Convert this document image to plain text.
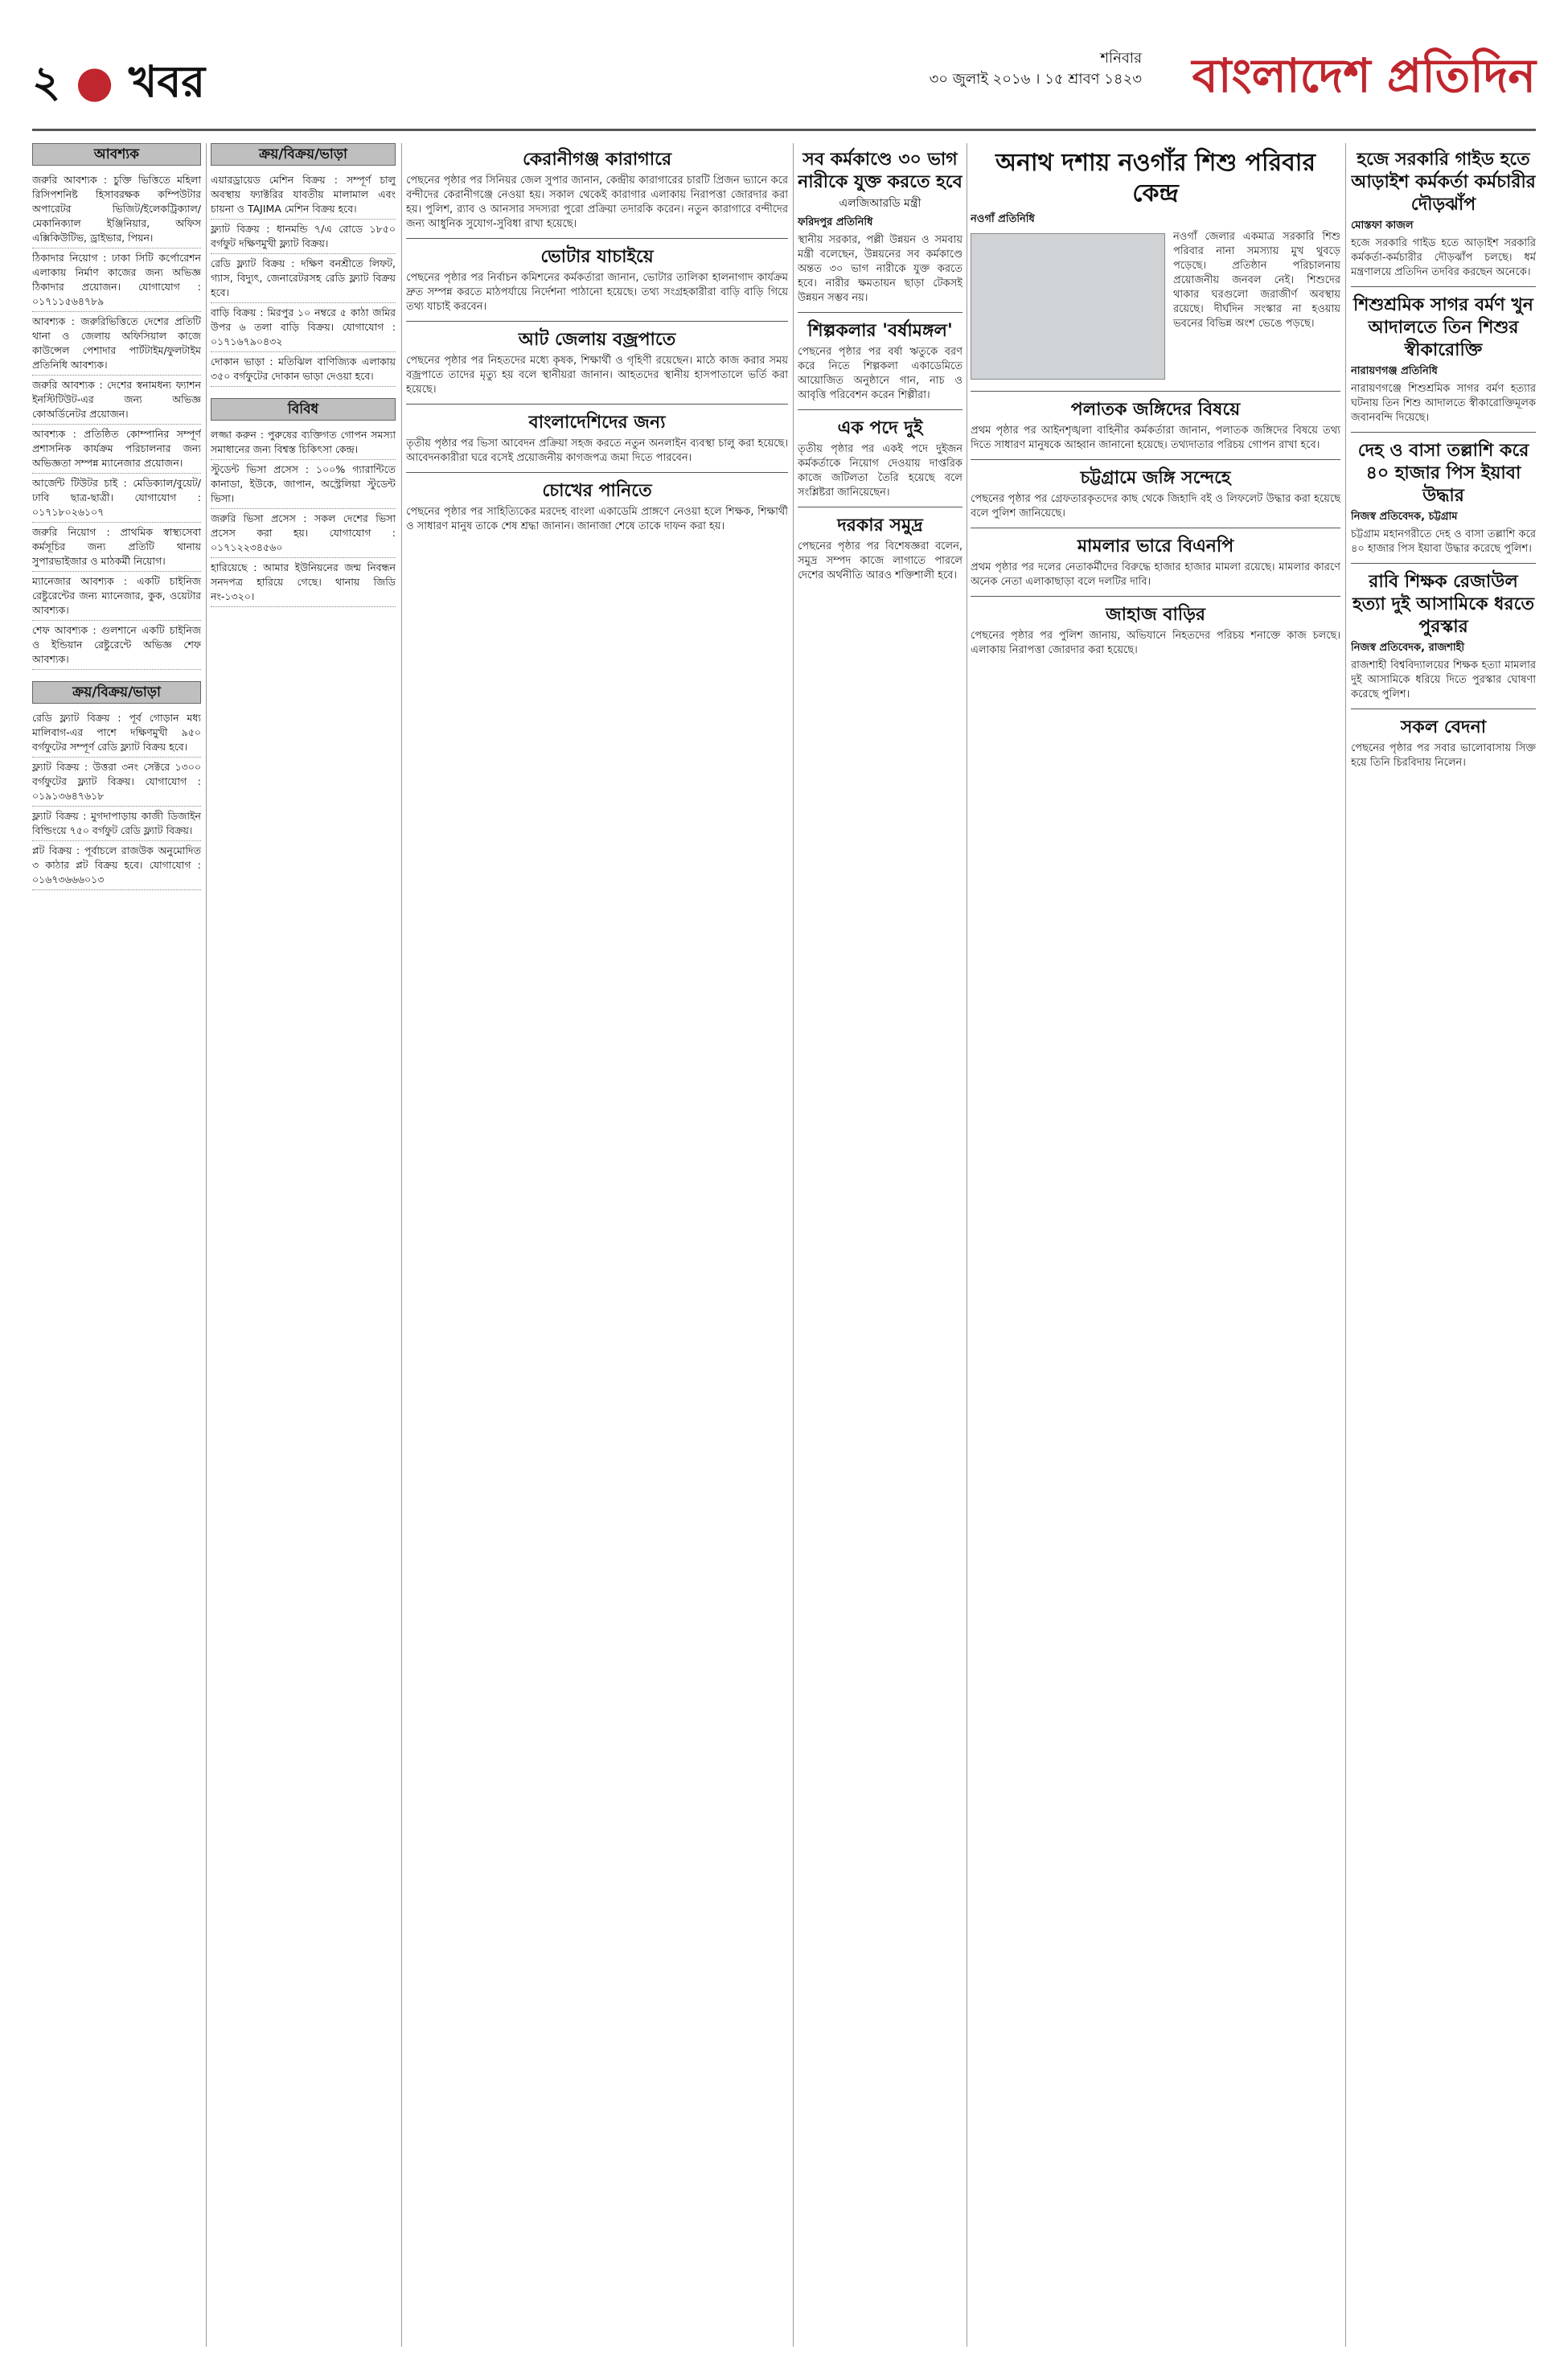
২ ● খবর	শনিবার
৩০ জুলাই ২০১৬ । ১৫ শ্রাবণ ১৪২৩ বাংলাদেশ প্রতিদিন
আবশ্যক

জরুরি আবশ্যক : চুক্তি ভিত্তিতে মহিলা রিসিপশনিষ্ট হিসাবরক্ষক কম্পিউটার অপারেটর ভিজিট/ইলেকট্রিক্যাল/মেকানিক্যাল ইঞ্জিনিয়ার, অফিস এক্সিকিউটিভ, ড্রাইভার, পিয়ন।

ঠিকাদার নিয়োগ : ঢাকা সিটি কর্পোরেশন এলাকায় নির্মাণ কাজের জন্য অভিজ্ঞ ঠিকাদার প্রয়োজন। যোগাযোগ : ০১৭১১৫৬৪৭৮৯

আবশ্যক : জরুরিভিত্তিতে দেশের প্রতিটি থানা ও জেলায় অফিসিয়াল কাজে কাউন্সেল পেশাদার পার্টটাইম/ফুলটাইম প্রতিনিধি আবশ্যক।

জরুরি আবশ্যক : দেশের স্বনামধন্য ফ্যাশন ইনস্টিটিউট-এর জন্য অভিজ্ঞ কোঅর্ডিনেটর প্রয়োজন।

আবশ্যক : প্রতিষ্ঠিত কোম্পানির সম্পূর্ণ প্রশাসনিক কার্যক্রম পরিচালনার জন্য অভিজ্ঞতা সম্পন্ন ম্যানেজার প্রয়োজন।

আর্জেন্ট টিউটর চাই : মেডিক্যাল/বুয়েট/ঢাবি ছাত্র-ছাত্রী। যোগাযোগ : ০১৭১৮০২৬১০৭

জরুরি নিয়োগ : প্রাথমিক স্বাস্থ্যসেবা কর্মসূচির জন্য প্রতিটি থানায় সুপারভাইজার ও মাঠকর্মী নিয়োগ।

ম্যানেজার আবশ্যক : একটি চাইনিজ রেষ্টুরেন্টের জন্য ম্যানেজার, কুক, ওয়েটার আবশ্যক।

শেফ আবশ্যক : গুলশানে একটি চাইনিজ ও ইন্ডিয়ান রেষ্টুরেন্টে অভিজ্ঞ শেফ আবশ্যক।

ক্রয়/বিক্রয়/ভাড়া

রেডি ফ্ল্যাট বিক্রয় : পূর্ব গোড়ান মধ্য মালিবাগ-এর পাশে দক্ষিণমুখী ৯৫০ বর্গফুটের সম্পূর্ণ রেডি ফ্ল্যাট বিক্রয় হবে।

ফ্ল্যাট বিক্রয় : উত্তরা ৩নং সেক্টরে ১৩০০ বর্গফুটের ফ্ল্যাট বিক্রয়। যোগাযোগ : ০১৯১৩৬৪৭৬১৮

ফ্ল্যাট বিক্রয় : মুগদাপাড়ায় কাজী ডিজাইন বিল্ডিংয়ে ৭৫০ বর্গফুট রেডি ফ্ল্যাট বিক্রয়।

প্লট বিক্রয় : পূর্বাচলে রাজউক অনুমোদিত ৩ কাঠার প্লট বিক্রয় হবে। যোগাযোগ : ০১৬৭৩৬৬৬০১৩

ক্রয়/বিক্রয়/ভাড়া

এয়ারড্রায়েড মেশিন বিক্রয় : সম্পূর্ণ চালু অবস্থায় ফ্যাক্টরির যাবতীয় মালামাল এবং চায়না ও TAJIMA মেশিন বিক্রয় হবে।

ফ্ল্যাট বিক্রয় : ধানমন্ডি ৭/এ রোডে ১৮৫০ বর্গফুট দক্ষিণমুখী ফ্ল্যাট বিক্রয়।

রেডি ফ্ল্যাট বিক্রয় : দক্ষিণ বনশ্রীতে লিফট, গ্যাস, বিদ্যুৎ, জেনারেটরসহ রেডি ফ্ল্যাট বিক্রয় হবে।

বাড়ি বিক্রয় : মিরপুর ১০ নম্বরে ৫ কাঠা জমির উপর ৬ তলা বাড়ি বিক্রয়। যোগাযোগ : ০১৭১৬৭৯০৪৩২

দোকান ভাড়া : মতিঝিল বাণিজ্যিক এলাকায় ৩৫০ বর্গফুটের দোকান ভাড়া দেওয়া হবে।

বিবিধ

লজ্জা করুন : পুরুষের ব্যক্তিগত গোপন সমস্যা সমাধানের জন্য বিশ্বস্ত চিকিৎসা কেন্দ্র।

স্টুডেন্ট ভিসা প্রসেস : ১০০% গ্যারান্টিতে কানাডা, ইউকে, জাপান, অস্ট্রেলিয়া স্টুডেন্ট ভিসা।

জরুরি ভিসা প্রসেস : সকল দেশের ভিসা প্রসেস করা হয়। যোগাযোগ : ০১৭১২২৩৪৫৬০

হারিয়েছে : আমার ইউনিয়নের জন্ম নিবন্ধন সনদপত্র হারিয়ে গেছে। থানায় জিডি নং-১৩২০।

কেরানীগঞ্জ কারাগারে
পেছনের পৃষ্ঠার পর সিনিয়র জেল সুপার জানান, কেন্দ্রীয় কারাগারের চারটি প্রিজন ভ্যানে করে বন্দীদের কেরানীগঞ্জে নেওয়া হয়। সকাল থেকেই কারাগার এলাকায় নিরাপত্তা জোরদার করা হয়। পুলিশ, র‍্যাব ও আনসার সদস্যরা পুরো প্রক্রিয়া তদারকি করেন। নতুন কারাগারে বন্দীদের জন্য আধুনিক সুযোগ-সুবিধা রাখা হয়েছে।
ভোটার যাচাইয়ে
পেছনের পৃষ্ঠার পর নির্বাচন কমিশনের কর্মকর্তারা জানান, ভোটার তালিকা হালনাগাদ কার্যক্রম দ্রুত সম্পন্ন করতে মাঠপর্যায়ে নির্দেশনা পাঠানো হয়েছে। তথ্য সংগ্রহকারীরা বাড়ি বাড়ি গিয়ে তথ্য যাচাই করবেন।
আট জেলায় বজ্রপাতে
পেছনের পৃষ্ঠার পর নিহতদের মধ্যে কৃষক, শিক্ষার্থী ও গৃহিণী রয়েছেন। মাঠে কাজ করার সময় বজ্রপাতে তাদের মৃত্যু হয় বলে স্থানীয়রা জানান। আহতদের স্থানীয় হাসপাতালে ভর্তি করা হয়েছে।
বাংলাদেশিদের জন্য
তৃতীয় পৃষ্ঠার পর ভিসা আবেদন প্রক্রিয়া সহজ করতে নতুন অনলাইন ব্যবস্থা চালু করা হয়েছে। আবেদনকারীরা ঘরে বসেই প্রয়োজনীয় কাগজপত্র জমা দিতে পারবেন।
চোখের পানিতে
পেছনের পৃষ্ঠার পর সাহিত্যিকের মরদেহ বাংলা একাডেমি প্রাঙ্গণে নেওয়া হলে শিক্ষক, শিক্ষার্থী ও সাধারণ মানুষ তাকে শেষ শ্রদ্ধা জানান। জানাজা শেষে তাকে দাফন করা হয়।
সব কর্মকাণ্ডে ৩০ ভাগ নারীকে যুক্ত করতে হবে
এলজিআরডি মন্ত্রী
ফরিদপুর প্রতিনিধি
স্থানীয় সরকার, পল্লী উন্নয়ন ও সমবায় মন্ত্রী বলেছেন, উন্নয়নের সব কর্মকাণ্ডে অন্তত ৩০ ভাগ নারীকে যুক্ত করতে হবে। নারীর ক্ষমতায়ন ছাড়া টেকসই উন্নয়ন সম্ভব নয়।
শিল্পকলার 'বর্ষামঙ্গল'
পেছনের পৃষ্ঠার পর বর্ষা ঋতুকে বরণ করে নিতে শিল্পকলা একাডেমিতে আয়োজিত অনুষ্ঠানে গান, নাচ ও আবৃত্তি পরিবেশন করেন শিল্পীরা।
এক পদে দুই
তৃতীয় পৃষ্ঠার পর একই পদে দুইজন কর্মকর্তাকে নিয়োগ দেওয়ায় দাপ্তরিক কাজে জটিলতা তৈরি হয়েছে বলে সংশ্লিষ্টরা জানিয়েছেন।
দরকার সমুদ্র
পেছনের পৃষ্ঠার পর বিশেষজ্ঞরা বলেন, সমুদ্র সম্পদ কাজে লাগাতে পারলে দেশের অর্থনীতি আরও শক্তিশালী হবে।
অনাথ দশায় নওগাঁর শিশু পরিবার কেন্দ্র
নওগাঁ প্রতিনিধি
নওগাঁ জেলার একমাত্র সরকারি শিশু পরিবার নানা সমস্যায় মুখ থুবড়ে পড়েছে। প্রতিষ্ঠান পরিচালনায় প্রয়োজনীয় জনবল নেই। শিশুদের থাকার ঘরগুলো জরাজীর্ণ অবস্থায় রয়েছে। দীর্ঘদিন সংস্কার না হওয়ায় ভবনের বিভিন্ন অংশ ভেঙে পড়ছে।
পলাতক জঙ্গিদের বিষয়ে
প্রথম পৃষ্ঠার পর আইনশৃঙ্খলা বাহিনীর কর্মকর্তারা জানান, পলাতক জঙ্গিদের বিষয়ে তথ্য দিতে সাধারণ মানুষকে আহ্বান জানানো হয়েছে। তথ্যদাতার পরিচয় গোপন রাখা হবে।
চট্টগ্রামে জঙ্গি সন্দেহে
পেছনের পৃষ্ঠার পর গ্রেফতারকৃতদের কাছ থেকে জিহাদি বই ও লিফলেট উদ্ধার করা হয়েছে বলে পুলিশ জানিয়েছে।
মামলার ভারে বিএনপি
প্রথম পৃষ্ঠার পর দলের নেতাকর্মীদের বিরুদ্ধে হাজার হাজার মামলা রয়েছে। মামলার কারণে অনেক নেতা এলাকাছাড়া বলে দলটির দাবি।
জাহাজ বাড়ির
পেছনের পৃষ্ঠার পর পুলিশ জানায়, অভিযানে নিহতদের পরিচয় শনাক্তে কাজ চলছে। এলাকায় নিরাপত্তা জোরদার করা হয়েছে।
হজে সরকারি গাইড হতে আড়াইশ কর্মকর্তা কর্মচারীর দৌড়ঝাঁপ
মোস্তফা কাজল
হজে সরকারি গাইড হতে আড়াইশ সরকারি কর্মকর্তা-কর্মচারীর দৌড়ঝাঁপ চলছে। ধর্ম মন্ত্রণালয়ে প্রতিদিন তদবির করছেন অনেকে।
শিশুশ্রমিক সাগর বর্মণ খুন আদালতে তিন শিশুর স্বীকারোক্তি
নারায়ণগঞ্জ প্রতিনিধি
নারায়ণগঞ্জে শিশুশ্রমিক সাগর বর্মণ হত্যার ঘটনায় তিন শিশু আদালতে স্বীকারোক্তিমূলক জবানবন্দি দিয়েছে।
দেহ ও বাসা তল্লাশি করে ৪০ হাজার পিস ইয়াবা উদ্ধার
নিজস্ব প্রতিবেদক, চট্টগ্রাম
চট্টগ্রাম মহানগরীতে দেহ ও বাসা তল্লাশি করে ৪০ হাজার পিস ইয়াবা উদ্ধার করেছে পুলিশ।
রাবি শিক্ষক রেজাউল হত্যা দুই আসামিকে ধরতে পুরস্কার
নিজস্ব প্রতিবেদক, রাজশাহী
রাজশাহী বিশ্ববিদ্যালয়ের শিক্ষক হত্যা মামলার দুই আসামিকে ধরিয়ে দিতে পুরস্কার ঘোষণা করেছে পুলিশ।
সকল বেদনা
পেছনের পৃষ্ঠার পর সবার ভালোবাসায় সিক্ত হয়ে তিনি চিরবিদায় নিলেন।
